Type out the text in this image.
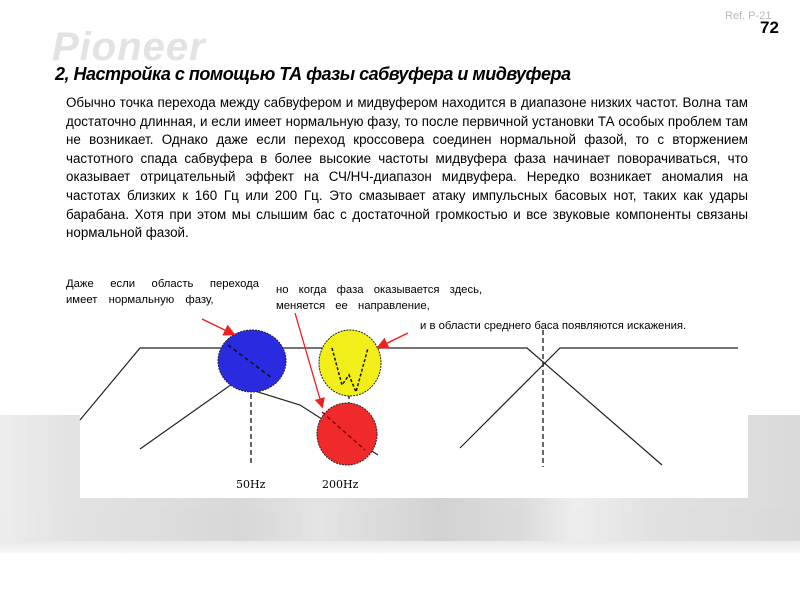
Pioneer
Ref. P-21
72
2, Настройка с помощью ТА фазы сабвуфера и мидвуфера
Обычно точка перехода между сабвуфером и мидвуфером находится в диапазоне низких частот. Волна там достаточно длинная, и если имеет нормальную фазу, то после первичной установки ТА особых проблем там не возникает. Однако даже если переход кроссовера соединен нормальной фазой, то с вторжением частотного спада сабвуфера в более высокие частоты мидвуфера фаза начинает поворачиваться, что оказывает отрицательный эффект на СЧ/НЧ-диапазон мидвуфера. Нередко возникает аномалия на частотах близких к 160 Гц или 200 Гц. Это смазывает атаку импульсных басовых нот, таких как удары барабана. Хотя при этом мы слышим бас с достаточной громкостью и все звуковые компоненты связаны нормальной фазой.
Даже если область перехода имеет нормальную фазу,
но когда фаза оказывается здесь, меняется ее направление,
и в области среднего баса появляются искажения.
50Hz	200Hz
